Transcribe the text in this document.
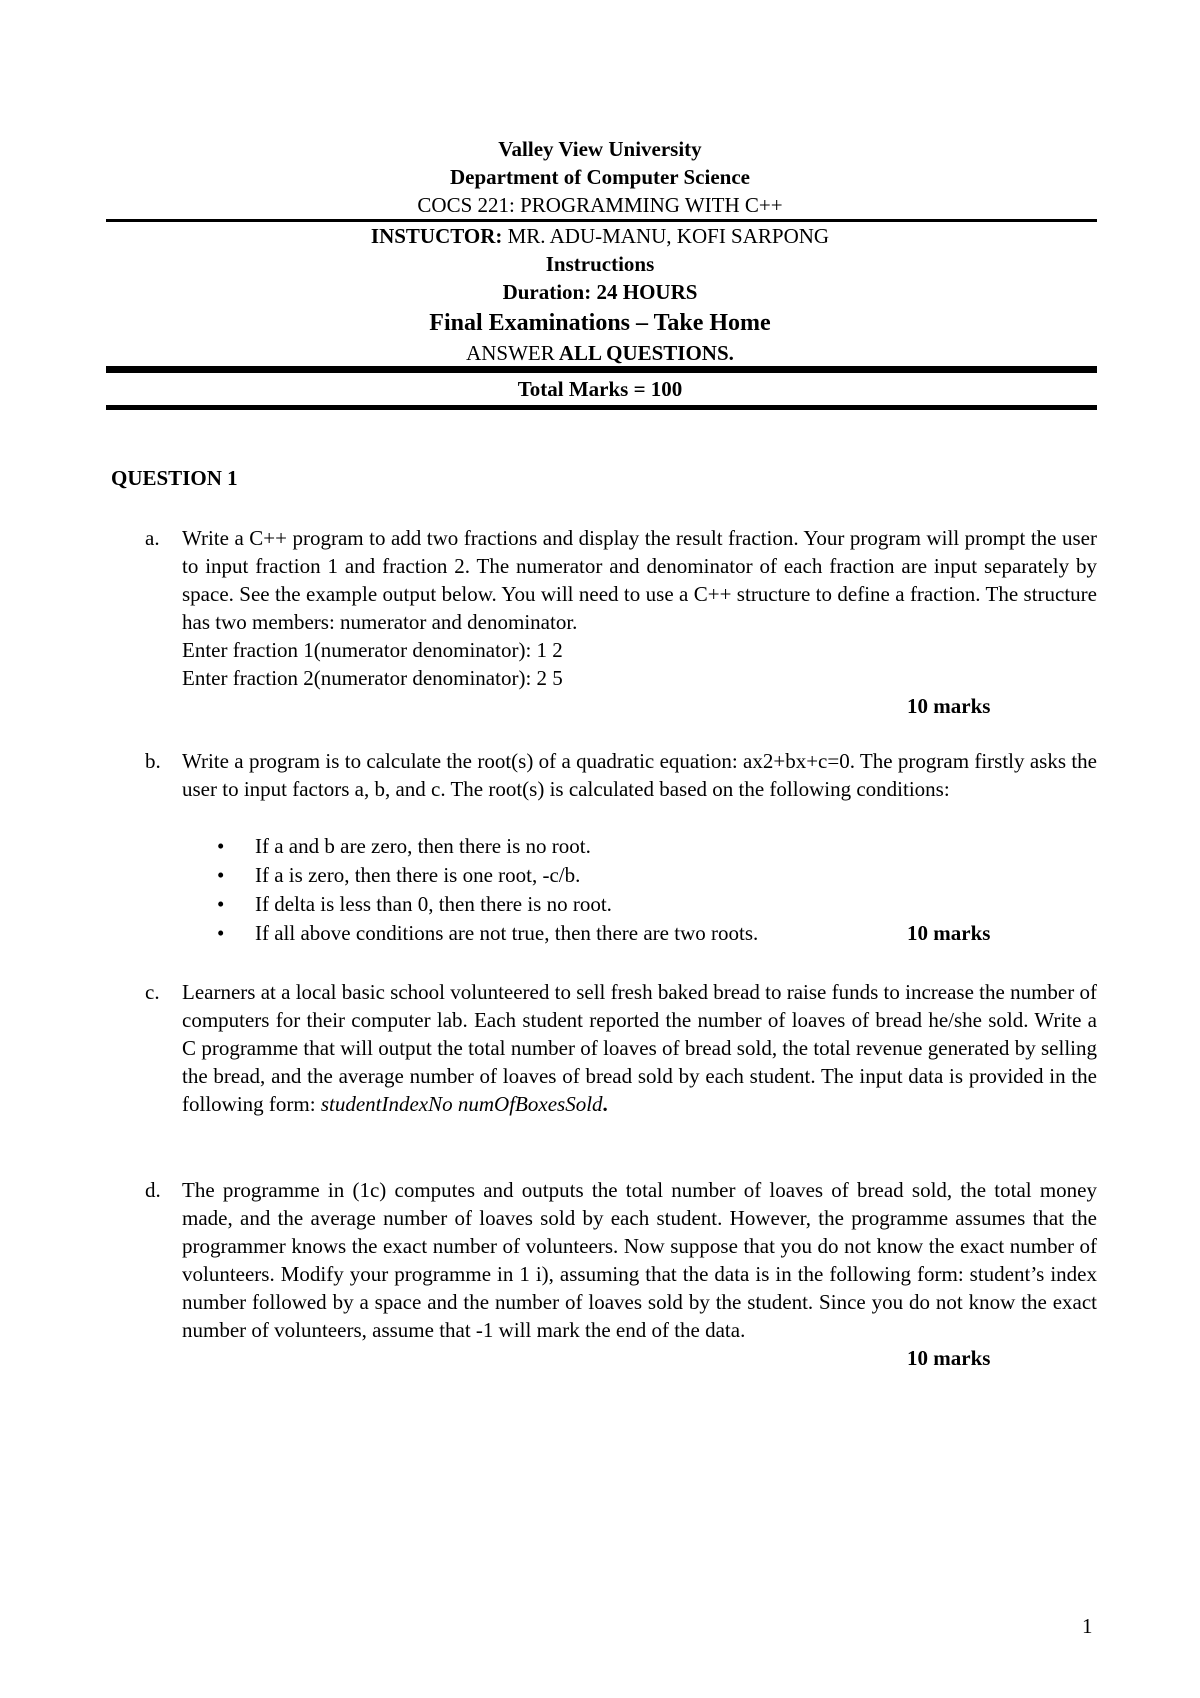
Valley View University
Department of Computer Science
COCS 221: PROGRAMMING WITH C++
INSTUCTOR: MR. ADU-MANU, KOFI SARPONG
Instructions
Duration: 24 HOURS
Final Examinations – Take Home
ANSWER ALL QUESTIONS.
Total Marks = 100
QUESTION 1
a. Write a C++ program to add two fractions and display the result fraction. Your program will prompt the user to input fraction 1 and fraction 2. The numerator and denominator of each fraction are input separately by space. See the example output below. You will need to use a C++ structure to define a fraction. The structure has two members: numerator and denominator.
Enter fraction 1(numerator denominator): 1 2
Enter fraction 2(numerator denominator): 2 5
10 marks
b. Write a program is to calculate the root(s) of a quadratic equation: ax2+bx+c=0. The program firstly asks the user to input factors a, b, and c. The root(s) is calculated based on the following conditions:
• If a and b are zero, then there is no root.
• If a is zero, then there is one root, -c/b.
• If delta is less than 0, then there is no root.
• If all above conditions are not true, then there are two roots.	10 marks
c. Learners at a local basic school volunteered to sell fresh baked bread to raise funds to increase the number of computers for their computer lab. Each student reported the number of loaves of bread he/she sold. Write a C programme that will output the total number of loaves of bread sold, the total revenue generated by selling the bread, and the average number of loaves of bread sold by each student. The input data is provided in the following form: studentIndexNo numOfBoxesSold.
d. The programme in (1c) computes and outputs the total number of loaves of bread sold, the total money made, and the average number of loaves sold by each student. However, the programme assumes that the programmer knows the exact number of volunteers. Now suppose that you do not know the exact number of volunteers. Modify your programme in 1 i), assuming that the data is in the following form: student’s index number followed by a space and the number of loaves sold by the student. Since you do not know the exact number of volunteers, assume that -1 will mark the end of the data.
10 marks
1
